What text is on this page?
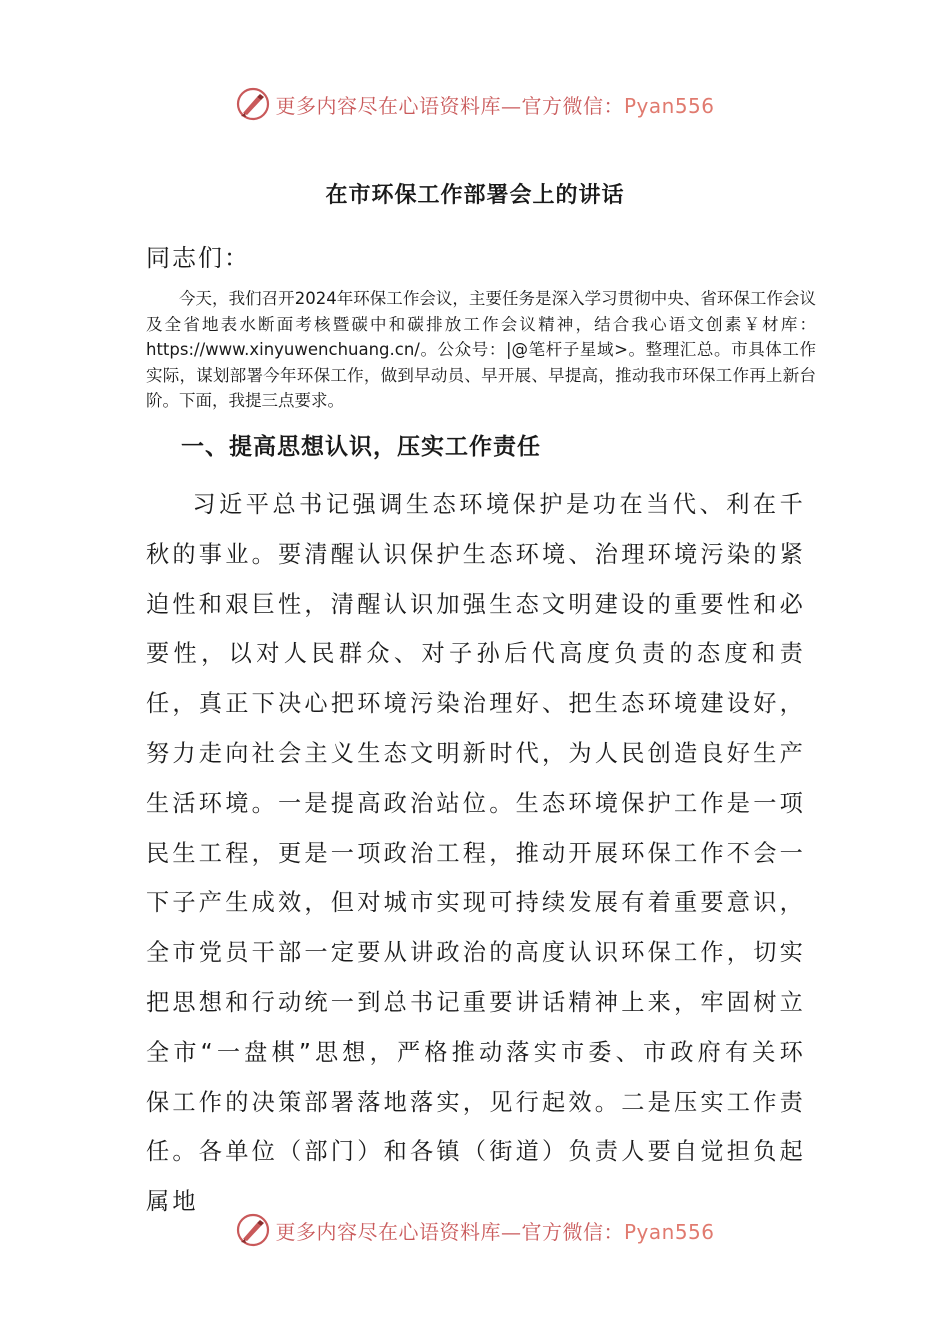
更多内容尽在心语资料库—官方微信：Pyan556
在市环保工作部署会上的讲话
同志们：
今天，我们召开2024年环保工作会议，主要任务是深入学习贯彻中央、省环保工作会议及全省地表水断面考核暨碳中和碳排放工作会议精神，结合我心语文创素￥材库：https://www.xinyuwenchuang.cn/。公众号：|@笔杆子星域>。整理汇总。市具体工作实际，谋划部署今年环保工作，做到早动员、早开展、早提高，推动我市环保工作再上新台阶。下面，我提三点要求。
一、提高思想认识，压实工作责任
习近平总书记强调生态环境保护是功在当代、利在千秋的事业。要清醒认识保护生态环境、治理环境污染的紧迫性和艰巨性，清醒认识加强生态文明建设的重要性和必要性，以对人民群众、对子孙后代高度负责的态度和责任，真正下决心把环境污染治理好、把生态环境建设好，努力走向社会主义生态文明新时代，为人民创造良好生产生活环境。一是提高政治站位。生态环境保护工作是一项民生工程，更是一项政治工程，推动开展环保工作不会一下子产生成效，但对城市实现可持续发展有着重要意识，全市党员干部一定要从讲政治的高度认识环保工作，切实把思想和行动统一到总书记重要讲话精神上来，牢固树立全市“一盘棋”思想，严格推动落实市委、市政府有关环保工作的决策部署落地落实，见行起效。二是压实工作责任。各单位（部门）和各镇（街道）负责人要自觉担负起属地
更多内容尽在心语资料库—官方微信：Pyan556
